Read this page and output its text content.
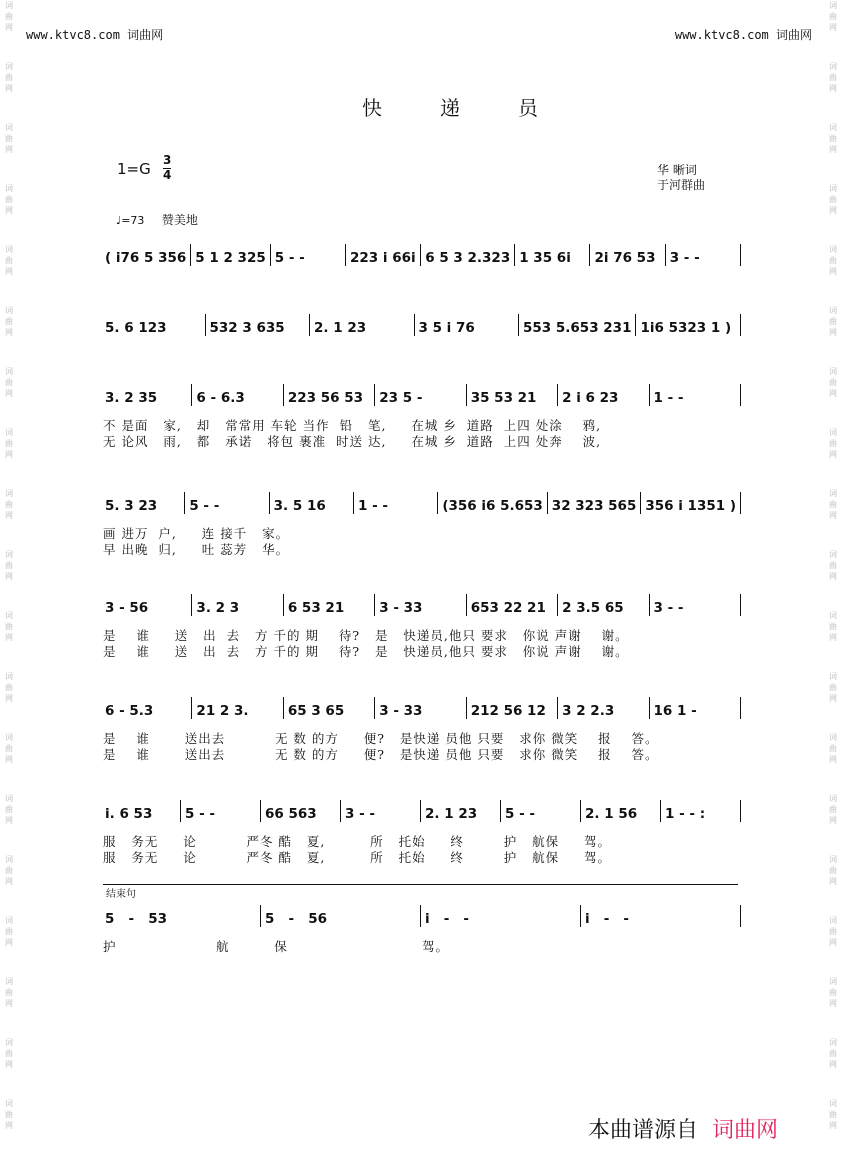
www.ktvc8.com 词曲网	www.ktvc8.com 词曲网
词曲网
词曲网
词曲网
词曲网
词曲网
词曲网
词曲网
词曲网
词曲网
词曲网
词曲网
词曲网
词曲网
词曲网
词曲网
词曲网
词曲网
词曲网
词曲网
词曲网
词曲网
词曲网
词曲网
词曲网
词曲网
词曲网
词曲网
词曲网
词曲网
词曲网
词曲网
词曲网
词曲网
词曲网
词曲网
词曲网
词曲网
词曲网
快递员
$1=G \frac{3}{4}$	华 晰词
于河群曲
♩=73 赞美地
( i76 5 356 5 1 2 325 5 - -	223 i 66i 6 5 3 2.323 1 35 6i	2i 76 53	3 - -
5. 6 123	532 3 635	2. 1 23	3 5 i 76	553 5.653 231 1i6 5323 1 )
3. 2 35	6 - 6.3	223 56 53	23 5 -	35 53 21	2 i 6 23	1 - -
不 是面   家,   却   常常用 车轮 当作  铅   笔,     在城 乡  道路  上四 处涂    鸦,
无 论风   雨,   都   承诺   将包 裹准  时送 达,     在城 乡  道路  上四 处奔    波,
5. 3 23	5 - -	3. 5 16	1 - -	(356 i6 5.653 32 323 565 356 i 1351 )
画 进万  户,     连 接千   家。
早 出晚  归,     吐 蕊芳   华。
3 - 56	3. 2 3	6 53 21	3 - 33	653 22 21	2 3.5 65	3 - -
是    谁     送   出  去   方 千的 期    待?   是   快递员,他只 要求   你说 声谢    谢。
是    谁     送   出  去   方 千的 期    待?   是   快递员,他只 要求   你说 声谢    谢。
6 - 5.3	21 2 3.	65 3 65	3 - 33	212 56 12	3 2 2.3	16 1 -
是    谁       送出去          无 数 的方     便?   是快递 员他 只要   求你 微笑    报    答。
是    谁       送出去          无 数 的方     便?   是快递 员他 只要   求你 微笑    报    答。
i. 6 53	5 - -	66 563	3 - -	2. 1 23	5 - -	2. 1 56	1 - - :
服   务无     论          严冬 酷   夏,         所   托始     终        护   航保     驾。
服   务无     论          严冬 酷   夏,         所   托始     终        护   航保     驾。
5   -   53	5   -   56	i   -   -	i   -   -
护                    航         保                           驾。
结束句
本曲谱源自 词曲网
